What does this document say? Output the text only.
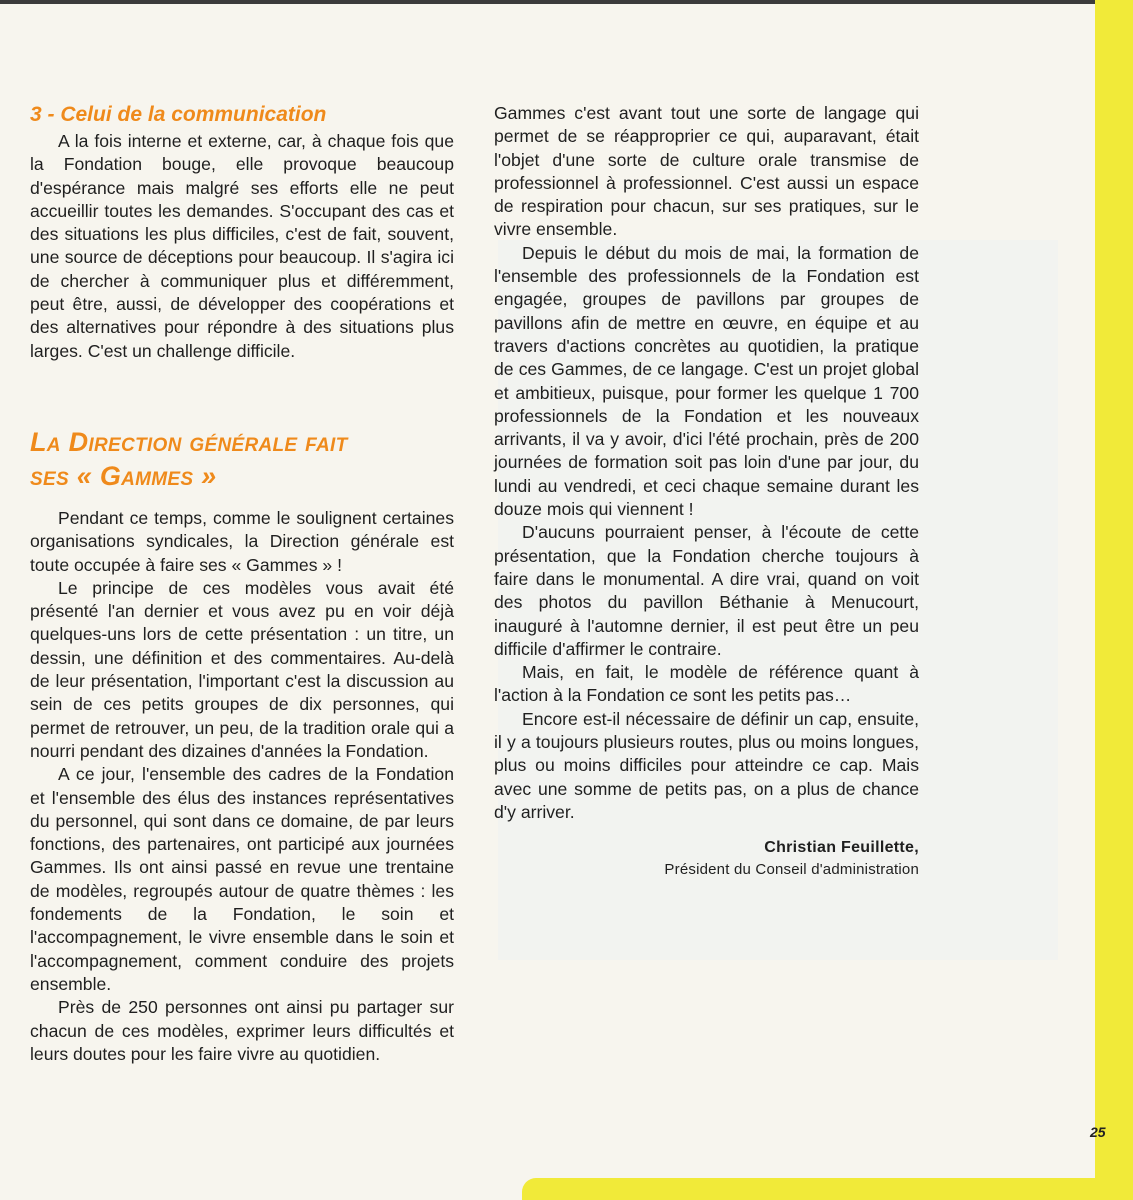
3 - Celui de la communication

A la fois interne et externe, car, à chaque fois que la Fondation bouge, elle provoque beaucoup d'espérance mais malgré ses efforts elle ne peut accueillir toutes les demandes. S'occupant des cas et des situations les plus difficiles, c'est de fait, souvent, une source de déceptions pour beaucoup. Il s'agira ici de chercher à communiquer plus et différemment, peut être, aussi, de développer des coopérations et des alternatives pour répondre à des situations plus larges. C'est un challenge difficile.

La Direction générale fait
ses « Gammes »

Pendant ce temps, comme le soulignent certaines organisations syndicales, la Direction générale est toute occupée à faire ses « Gammes » !

Le principe de ces modèles vous avait été présenté l'an dernier et vous avez pu en voir déjà quelques-uns lors de cette présentation : un titre, un dessin, une définition et des commentaires. Au-delà de leur présentation, l'important c'est la discussion au sein de ces petits groupes de dix personnes, qui permet de retrouver, un peu, de la tradition orale qui a nourri pendant des dizaines d'années la Fondation.

A ce jour, l'ensemble des cadres de la Fondation et l'ensemble des élus des instances représentatives du personnel, qui sont dans ce domaine, de par leurs fonctions, des partenaires, ont participé aux journées Gammes. Ils ont ainsi passé en revue une trentaine de modèles, regroupés autour de quatre thèmes : les fondements de la Fondation, le soin et l'accompagnement, le vivre ensemble dans le soin et l'accompagnement, comment conduire des projets ensemble.

Près de 250 personnes ont ainsi pu partager sur chacun de ces modèles, exprimer leurs difficultés et leurs doutes pour les faire vivre au quotidien.

Gammes c'est avant tout une sorte de langage qui permet de se réapproprier ce qui, auparavant, était l'objet d'une sorte de culture orale transmise de professionnel à professionnel. C'est aussi un espace de respiration pour chacun, sur ses pratiques, sur le vivre ensemble.

Depuis le début du mois de mai, la formation de l'ensemble des professionnels de la Fondation est engagée, groupes de pavillons par groupes de pavillons afin de mettre en œuvre, en équipe et au travers d'actions concrètes au quotidien, la pratique de ces Gammes, de ce langage. C'est un projet global et ambitieux, puisque, pour former les quelque 1 700 professionnels de la Fondation et les nouveaux arrivants, il va y avoir, d'ici l'été prochain, près de 200 journées de formation soit pas loin d'une par jour, du lundi au vendredi, et ceci chaque semaine durant les douze mois qui viennent !

D'aucuns pourraient penser, à l'écoute de cette présentation, que la Fondation cherche toujours à faire dans le monumental. A dire vrai, quand on voit des photos du pavillon Béthanie à Menucourt, inauguré à l'automne dernier, il est peut être un peu difficile d'affirmer le contraire.

Mais, en fait, le modèle de référence quant à l'action à la Fondation ce sont les petits pas…

Encore est-il nécessaire de définir un cap, ensuite, il y a toujours plusieurs routes, plus ou moins longues, plus ou moins difficiles pour atteindre ce cap. Mais avec une somme de petits pas, on a plus de chance d'y arriver.

Christian Feuillette,
Président du Conseil d'administration
25
